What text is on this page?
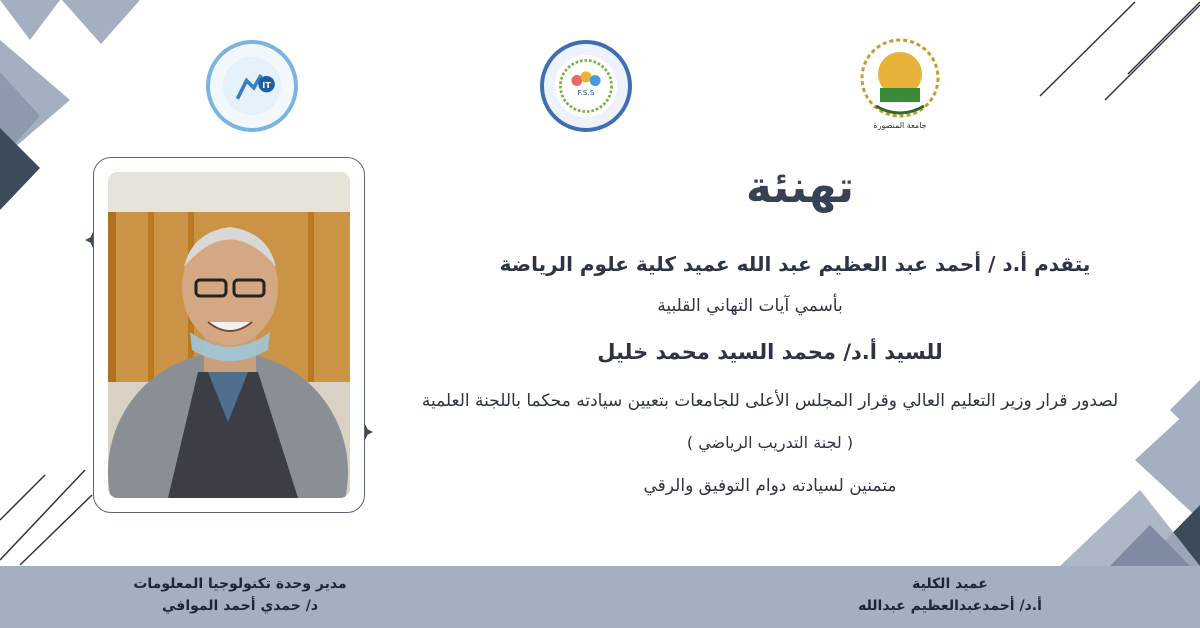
جامعة المنصورة
F.S.S
IT
تهنئة
يتقدم أ.د / أحمد عبد العظيم عبد الله عميد كلية علوم الرياضة
بأسمي آيات التهاني القلبية
للسيد أ.د/ محمد السيد محمد خليل
لصدور قرار وزير التعليم العالي وقرار المجلس الأعلى للجامعات بتعيين سيادته محكما باللجنة العلمية
( لجنة التدريب الرياضي )
متمنين لسيادته دوام التوفيق والرقي
عميد الكلية
أ.د/ أحمدعبدالعظيم عبدالله
مدير وحدة تكنولوجيا المعلومات
د/ حمدي أحمد الموافي
